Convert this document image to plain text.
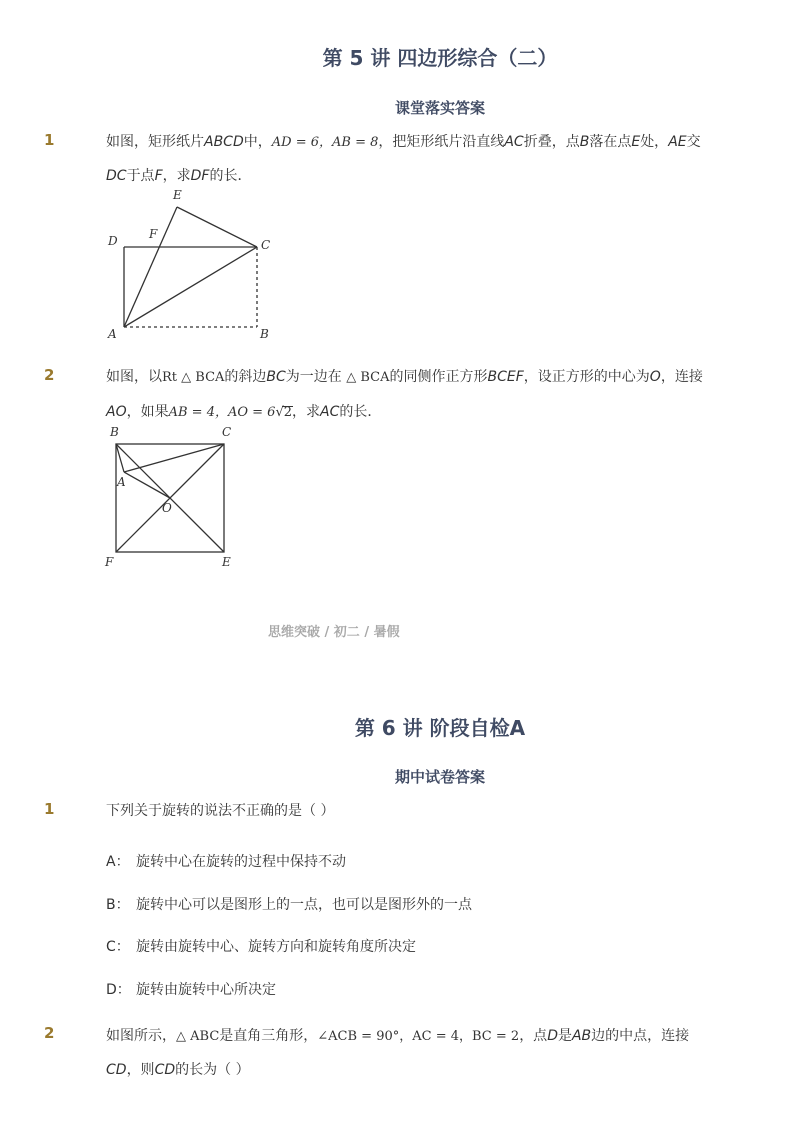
第 5 讲 四边形综合（二）
课堂落实答案
1	如图，矩形纸片ABCD中，AD = 6，AB = 8，把矩形纸片沿直线AC折叠，点B落在点E处，AE交
DC于点F，求DF的长．
E
D	F
C
A	B
2	如图，以Rt △ BCA的斜边BC为一边在 △ BCA的同侧作正方形BCEF，设正方形的中心为O，连接
AO，如果AB = 4，AO = 6√2
，求AC的长．
B	C
A
O
F	E
思维突破 / 初二 / 暑假
第 6 讲 阶段自检A
期中试卷答案
1	下列关于旋转的说法不正确的是（ ）
A： 旋转中心在旋转的过程中保持不动
B： 旋转中心可以是图形上的一点，也可以是图形外的一点
C： 旋转由旋转中心、旋转方向和旋转角度所决定
D： 旋转由旋转中心所决定
2	如图所示，△ ABC是直角三角形，∠ACB = 90°，AC = 4，BC = 2，点D是AB边的中点，连接
CD，则CD的长为（ ）
